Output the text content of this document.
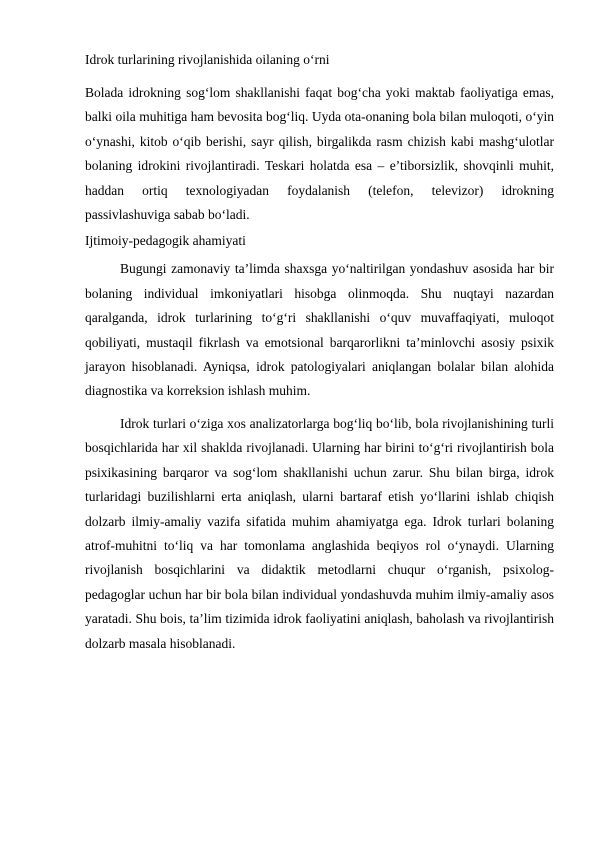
Idrok turlarining rivojlanishida oilaning o‘rni

Bolada idrokning sog‘lom shakllanishi faqat bog‘cha yoki maktab faoliyatiga emas, balki oila muhitiga ham bevosita bog‘liq. Uyda ota-onaning bola bilan muloqoti, o‘yin o‘ynashi, kitob o‘qib berishi, sayr qilish, birgalikda rasm chizish kabi mashg‘ulotlar bolaning idrokini rivojlantiradi. Teskari holatda esa – e’tiborsizlik, shovqinli muhit, haddan ortiq texnologiyadan foydalanish (telefon, televizor) idrokning passivlashuviga sabab bo‘ladi.

Ijtimoiy-pedagogik ahamiyati

Bugungi zamonaviy ta’limda shaxsga yo‘naltirilgan yondashuv asosida har bir bolaning individual imkoniyatlari hisobga olinmoqda. Shu nuqtayi nazardan qaralganda, idrok turlarining to‘g‘ri shakllanishi o‘quv muvaffaqiyati, muloqot qobiliyati, mustaqil fikrlash va emotsional barqarorlikni ta’minlovchi asosiy psixik jarayon hisoblanadi. Ayniqsa, idrok patologiyalari aniqlangan bolalar bilan alohida diagnostika va korreksion ishlash muhim.

Idrok turlari o‘ziga xos analizatorlarga bog‘liq bo‘lib, bola rivojlanishining turli bosqichlarida har xil shaklda rivojlanadi. Ularning har birini to‘g‘ri rivojlantirish bola psixikasining barqaror va sog‘lom shakllanishi uchun zarur. Shu bilan birga, idrok turlaridagi buzilishlarni erta aniqlash, ularni bartaraf etish yo‘llarini ishlab chiqish dolzarb ilmiy-amaliy vazifa sifatida muhim ahamiyatga ega. Idrok turlari bolaning atrof-muhitni to‘liq va har tomonlama anglashida beqiyos rol o‘ynaydi. Ularning rivojlanish bosqichlarini va didaktik metodlarni chuqur o‘rganish, psixolog-pedagoglar uchun har bir bola bilan individual yondashuvda muhim ilmiy-amaliy asos yaratadi. Shu bois, ta’lim tizimida idrok faoliyatini aniqlash, baholash va rivojlantirish dolzarb masala hisoblanadi.
